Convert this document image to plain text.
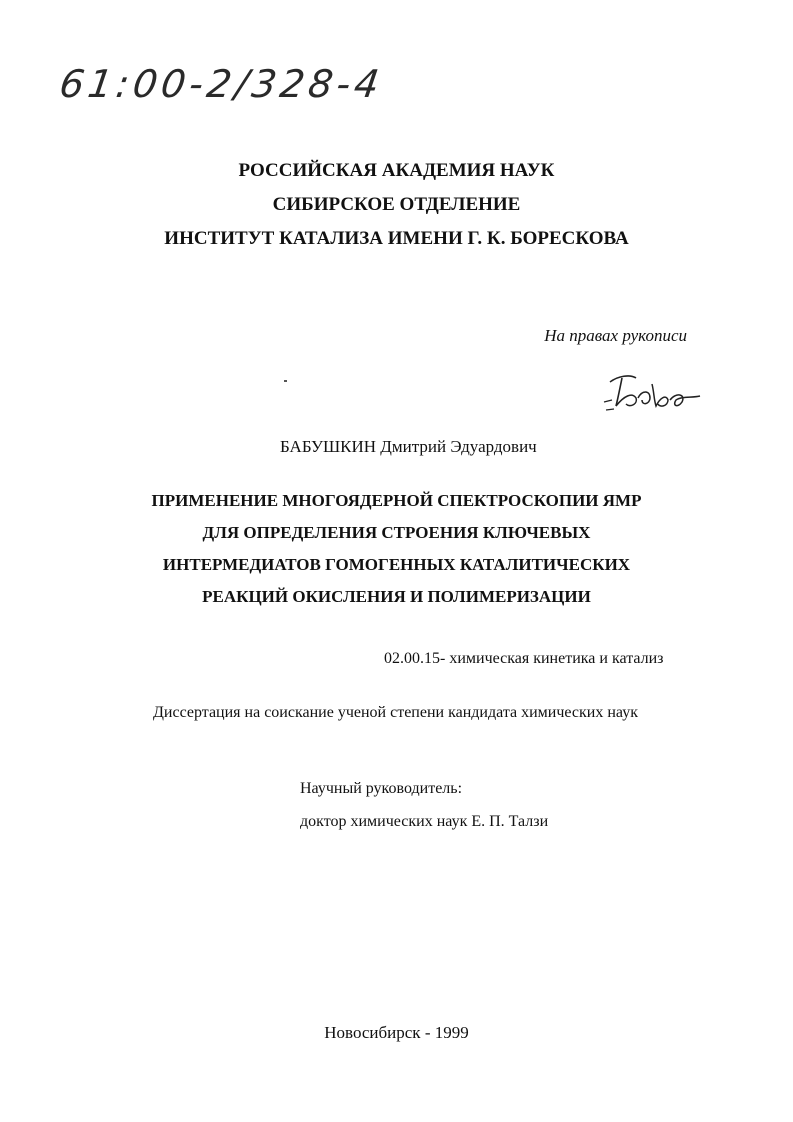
61:00-2/328-4
РОССИЙСКАЯ АКАДЕМИЯ НАУК
СИБИРСКОЕ ОТДЕЛЕНИЕ
ИНСТИТУТ КАТАЛИЗА ИМЕНИ Г. К. БОРЕСКОВА
На правах рукописи
БАБУШКИН Дмитрий Эдуардович
ПРИМЕНЕНИЕ МНОГОЯДЕРНОЙ СПЕКТРОСКОПИИ ЯМР
ДЛЯ ОПРЕДЕЛЕНИЯ СТРОЕНИЯ КЛЮЧЕВЫХ
ИНТЕРМЕДИАТОВ ГОМОГЕННЫХ КАТАЛИТИЧЕСКИХ
РЕАКЦИЙ ОКИСЛЕНИЯ И ПОЛИМЕРИЗАЦИИ
02.00.15- химическая кинетика и катализ
Диссертация на соискание ученой степени кандидата химических наук
Научный руководитель:
доктор химических наук Е. П. Талзи
Новосибирск - 1999
